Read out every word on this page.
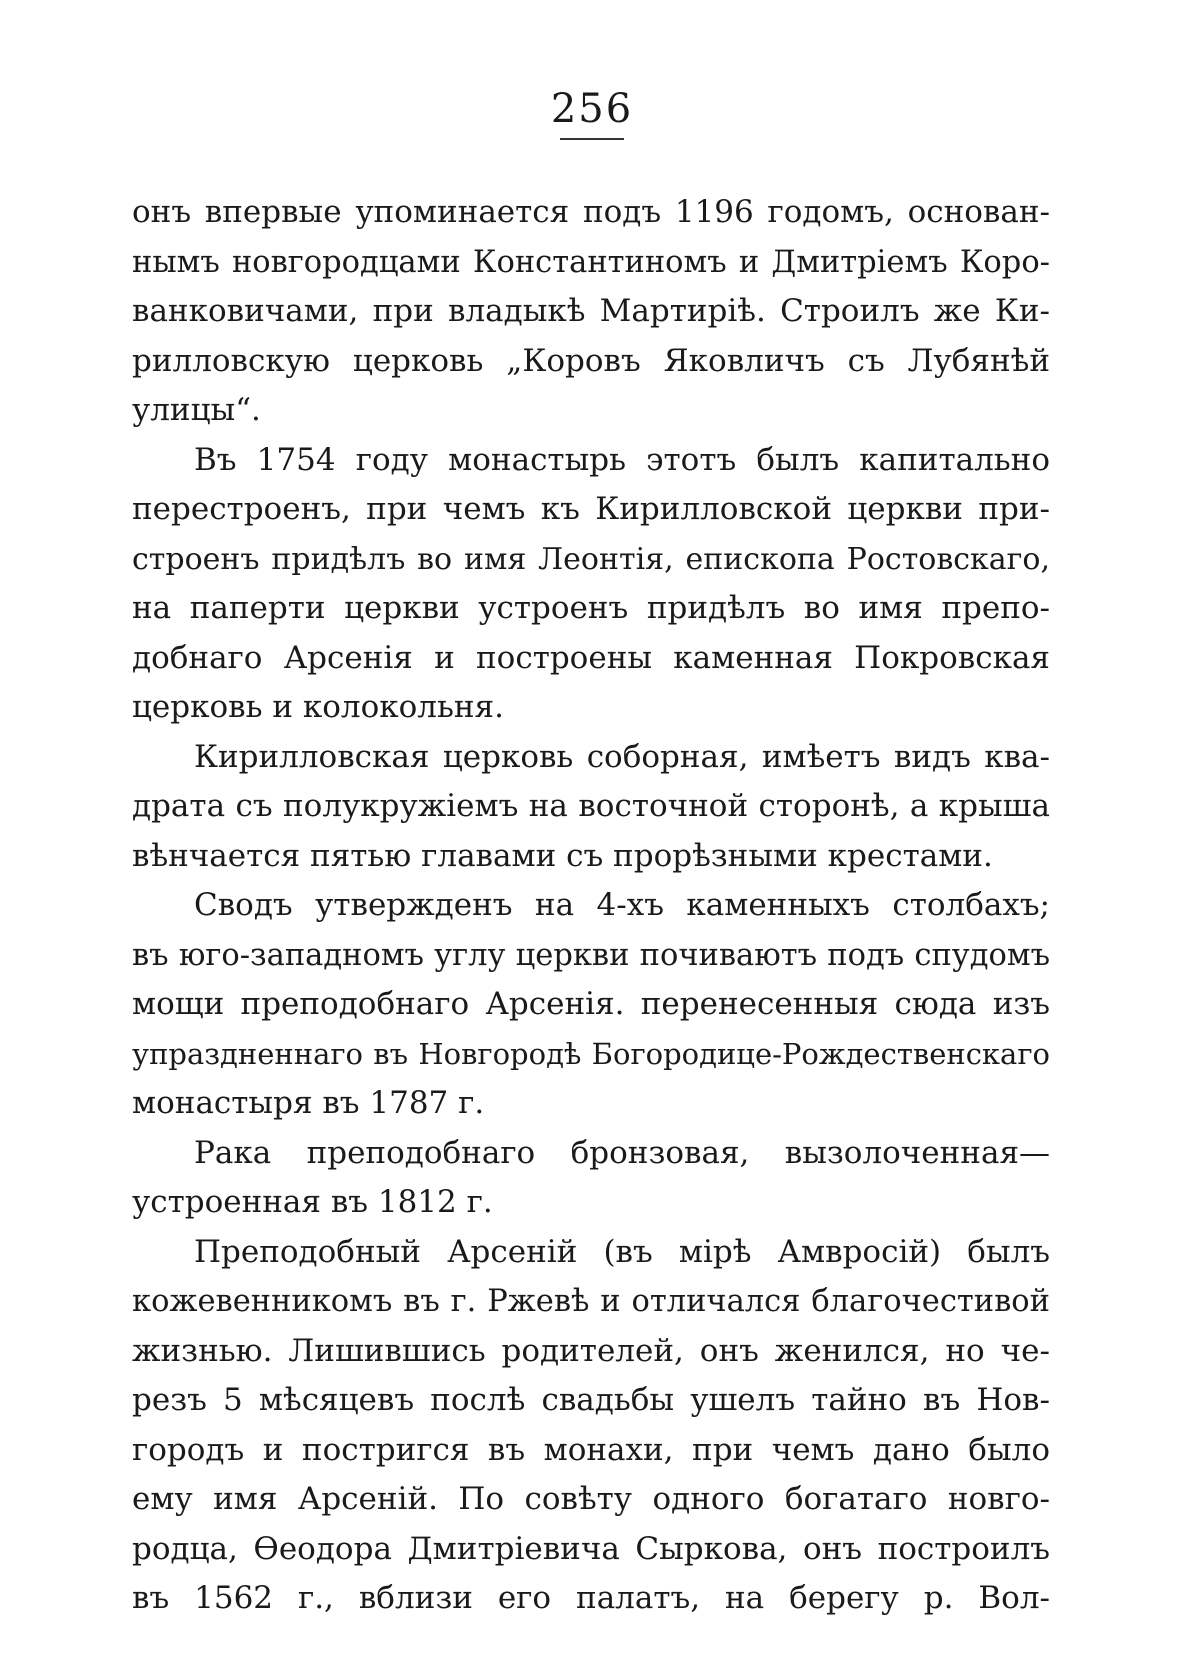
256
онъ впервые упоминается подъ 1196 годомъ, основан-
нымъ новгородцами Константиномъ и Дмитріемъ Коро-
ванковичами, при владыкѣ Мартиріѣ. Строилъ же Ки-
рилловскую церковь „Коровъ Яковличъ съ Лубянѣй
улицы“.
Въ 1754 году монастырь этотъ былъ капитально
перестроенъ, при чемъ къ Кирилловской церкви при-
строенъ придѣлъ во имя Леонтія, епископа Ростовскаго,
на паперти церкви устроенъ придѣлъ во имя препо-
добнаго Арсенія и построены каменная Покровская
церковь и колокольня.
Кирилловская церковь соборная, имѣетъ видъ ква-
драта съ полукружіемъ на восточной сторонѣ, а крыша
вѣнчается пятью главами съ прорѣзными крестами.
Сводъ утвержденъ на 4-хъ каменныхъ столбахъ;
въ юго-западномъ углу церкви почиваютъ подъ спудомъ
мощи преподобнаго Арсенія. перенесенныя сюда изъ
упраздненнаго въ Новгородѣ Богородице-Рождественскаго
монастыря въ 1787 г.
Рака преподобнаго бронзовая, вызолоченная—
устроенная въ 1812 г.
Преподобный Арсеній (въ мірѣ Амвросій) былъ
кожевенникомъ въ г. Ржевѣ и отличался благочестивой
жизнью. Лишившись родителей, онъ женился, но че-
резъ 5 мѣсяцевъ послѣ свадьбы ушелъ тайно въ Нов-
городъ и постригся въ монахи, при чемъ дано было
ему имя Арсеній. По совѣту одного богатаго новго-
родца, Ѳеодора Дмитріевича Сыркова, онъ построилъ
въ 1562 г., вблизи его палатъ, на берегу р. Вол-
